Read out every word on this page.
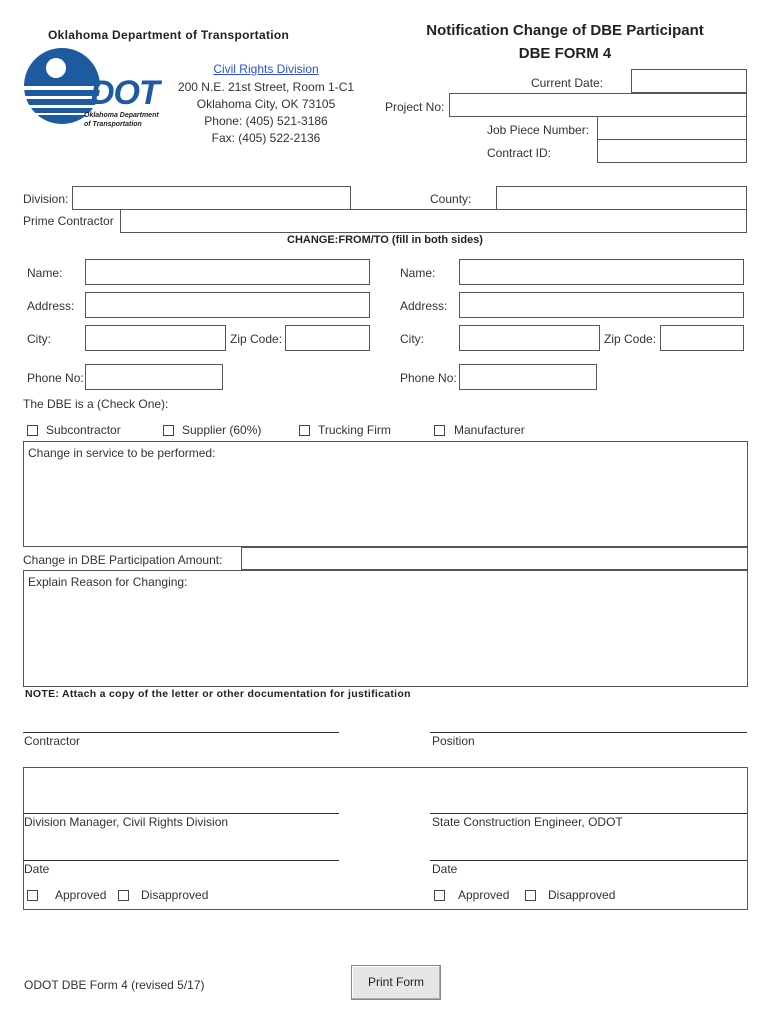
Oklahoma Department of Transportation
DOT
Oklahoma Department
of Transportation
Civil Rights Division
200 N.E. 21st Street, Room 1-C1
Oklahoma City, OK 73105
Phone: (405) 521-3186
Fax: (405) 522-2136
Notification Change of DBE Participant
DBE FORM 4
Current Date:
Project No:
Job Piece Number:
Contract ID:
Division:	County:
Prime Contractor
CHANGE:FROM/TO (fill in both sides)
Name:
Address:
City:	Zip Code:
Phone No:
Name:
Address:
City:	Zip Code:
Phone No:
The DBE is a (Check One):
Subcontractor	Supplier (60%)	Trucking Firm	Manufacturer
Change in service to be performed:
Change in DBE Participation Amount:
Explain Reason for Changing:
NOTE: Attach a copy of the letter or other documentation for justification
Contractor	Position
Division Manager, Civil Rights Division	State Construction Engineer, ODOT
Date	Date
Approved	Disapproved	Approved	Disapproved
ODOT DBE Form 4 (revised 5/17)	Print Form
